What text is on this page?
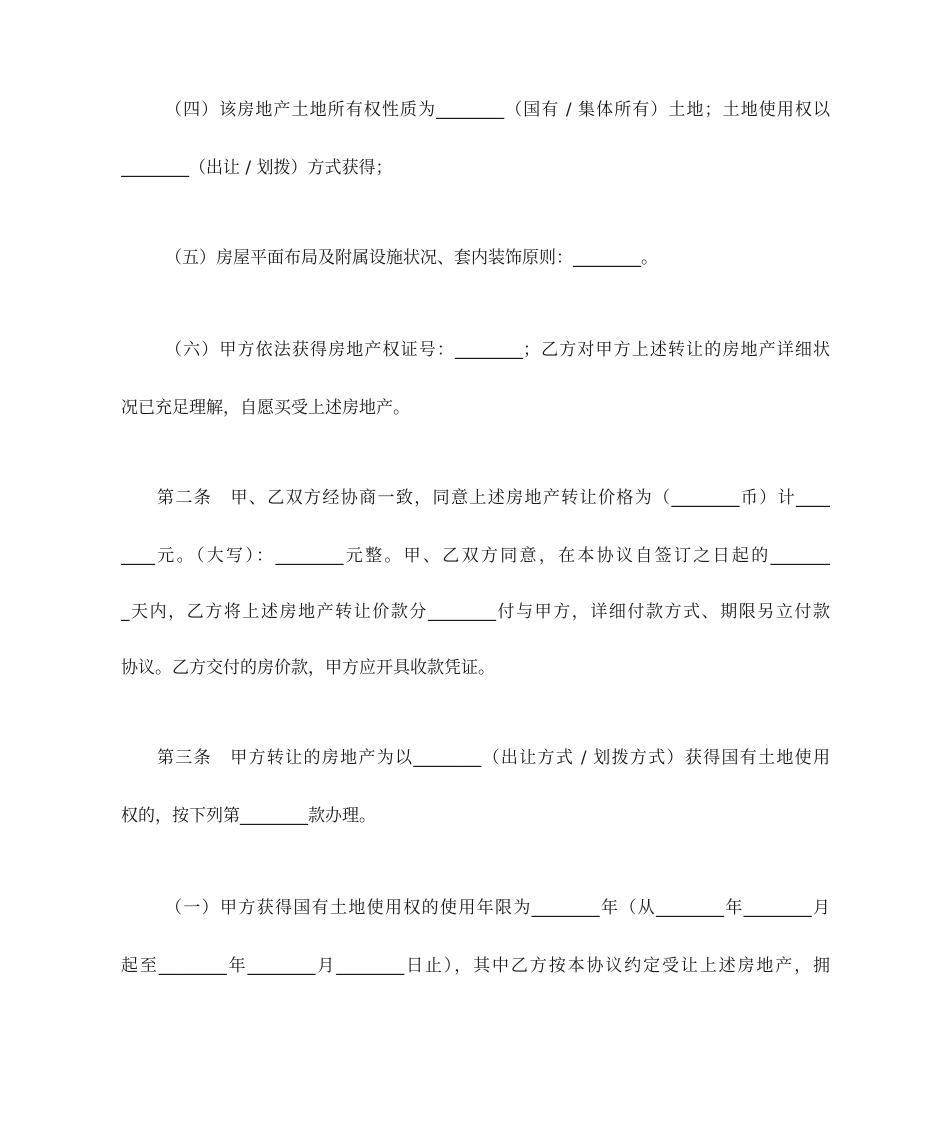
（四）该房地产土地所有权性质为________（国有 / 集体所有）土地；土地使用权以
________（出让 / 划拨）方式获得；
（五）房屋平面布局及附属设施状况、套内装饰原则：________。
（六）甲方依法获得房地产权证号：________；乙方对甲方上述转让的房地产详细状
况已充足理解，自愿买受上述房地产。
第二条　甲、乙双方经协商一致，同意上述房地产转让价格为（________币）计____
____元。（大写）：________元整。甲、乙双方同意，在本协议自签订之日起的_______
_天内，乙方将上述房地产转让价款分________付与甲方，详细付款方式、期限另立付款
协议。乙方交付的房价款，甲方应开具收款凭证。
第三条　甲方转让的房地产为以________（出让方式 / 划拨方式）获得国有土地使用
权的，按下列第________款办理。
（一）甲方获得国有土地使用权的使用年限为________年（从________年________月
起至________年________月________日止），其中乙方按本协议约定受让上述房地产，拥
